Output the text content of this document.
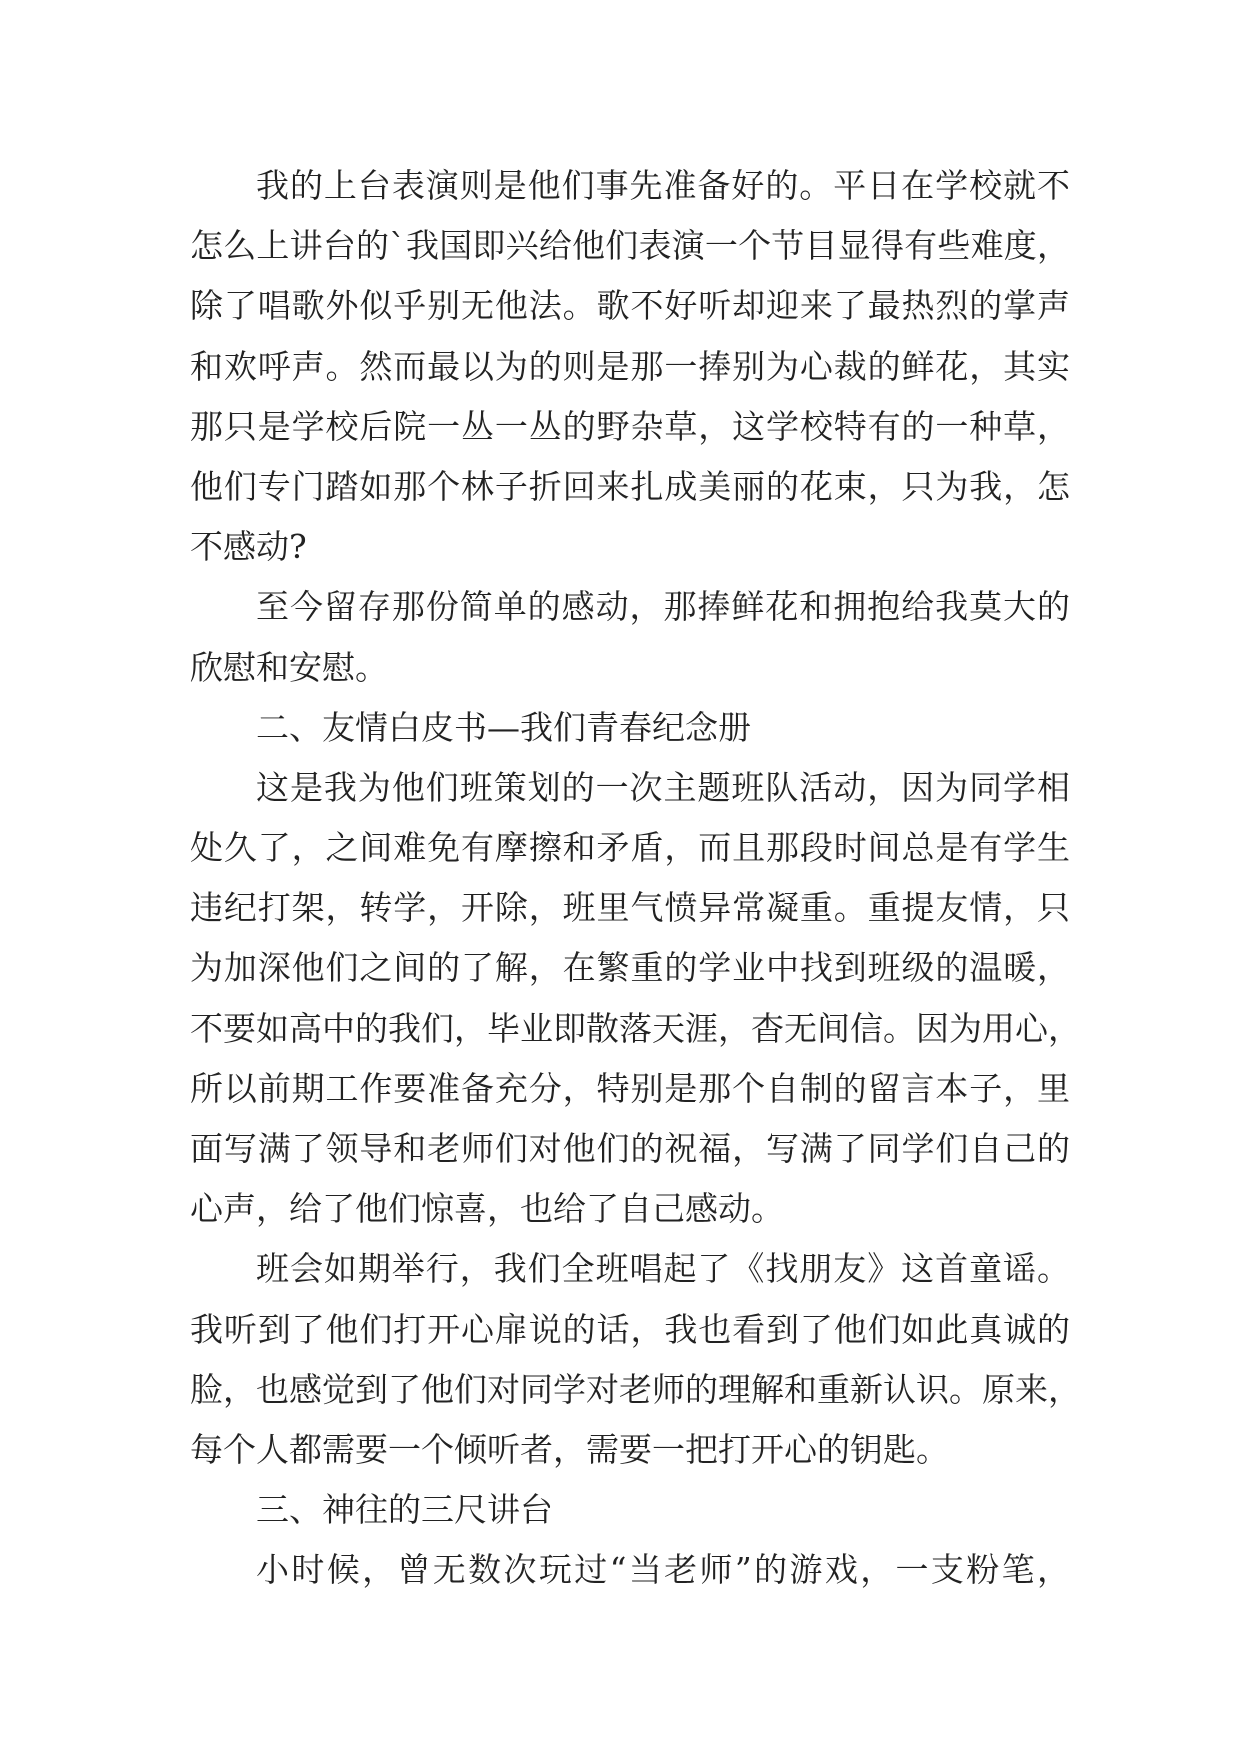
我的上台表演则是他们事先准备好的。平日在学校就不
怎么上讲台的`我国即兴给他们表演一个节目显得有些难度，
除了唱歌外似乎别无他法。歌不好听却迎来了最热烈的掌声
和欢呼声。然而最以为的则是那一捧别为心裁的鲜花，其实
那只是学校后院一丛一丛的野杂草，这学校特有的一种草，
他们专门踏如那个林子折回来扎成美丽的花束，只为我，怎
不感动?
至今留存那份简单的感动，那捧鲜花和拥抱给我莫大的
欣慰和安慰。
二、友情白皮书—我们青春纪念册
这是我为他们班策划的一次主题班队活动，因为同学相
处久了，之间难免有摩擦和矛盾，而且那段时间总是有学生
违纪打架，转学，开除，班里气愤异常凝重。重提友情，只
为加深他们之间的了解，在繁重的学业中找到班级的温暖，
不要如高中的我们，毕业即散落天涯，杳无间信。因为用心，
所以前期工作要准备充分，特别是那个自制的留言本子，里
面写满了领导和老师们对他们的祝福，写满了同学们自己的
心声，给了他们惊喜，也给了自己感动。
班会如期举行，我们全班唱起了《找朋友》这首童谣。
我听到了他们打开心扉说的话，我也看到了他们如此真诚的
脸，也感觉到了他们对同学对老师的理解和重新认识。原来，
每个人都需要一个倾听者，需要一把打开心的钥匙。
三、神往的三尺讲台
小时候，曾无数次玩过“当老师”的游戏，一支粉笔，
